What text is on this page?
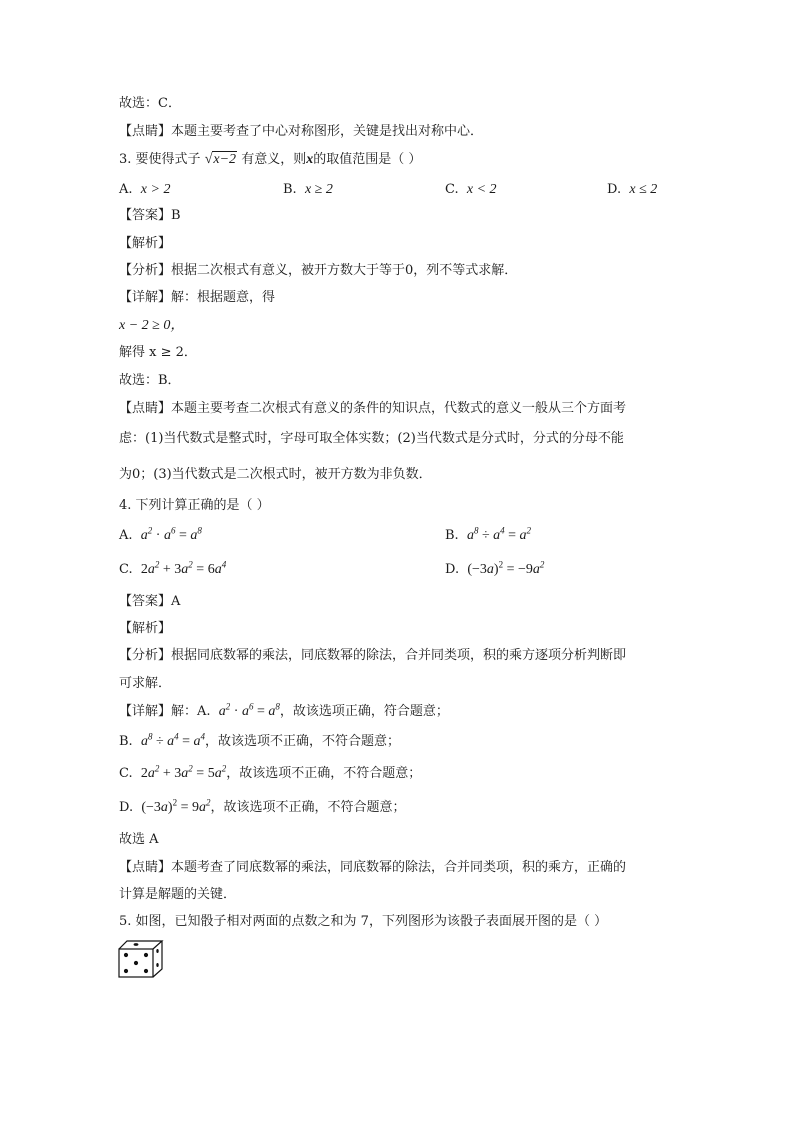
故选：C．
【点睛】本题主要考查了中心对称图形，关键是找出对称中心．
3. 要使得式子 √x−2 有意义，则x的取值范围是（ ）
A. x > 2	B. x ≥ 2	C. x < 2	D. x ≤ 2
【答案】B
【解析】
【分析】根据二次根式有意义，被开方数大于等于0，列不等式求解．
【详解】解：根据题意，得
x − 2 ≥ 0，
解得 x ≥ 2．
故选：B．
【点睛】本题主要考查二次根式有意义的条件的知识点，代数式的意义一般从三个方面考
虑：(1)当代数式是整式时，字母可取全体实数；(2)当代数式是分式时，分式的分母不能
为0；(3)当代数式是二次根式时，被开方数为非负数．
4. 下列计算正确的是（ ）
A. $a^2 \cdot a^6 = a^8$	B. $a^8 \div a^4 = a^2$
C. $2a^2 + 3a^2 = 6a^4$	D. $(-3a)^2 = -9a^2$
【答案】A
【解析】
【分析】根据同底数幂的乘法，同底数幂的除法，合并同类项，积的乘方逐项分析判断即
可求解．
【详解】解：A. $a^2 \cdot a^6 = a^8$，故该选项正确，符合题意；
B. $a^8 \div a^4 = a^4$，故该选项不正确，不符合题意；
C. $2a^2 + 3a^2 = 5a^2$，故该选项不正确，不符合题意；
D. $(-3a)^2 = 9a^2$，故该选项不正确，不符合题意；
故选 A
【点睛】本题考查了同底数幂的乘法，同底数幂的除法，合并同类项，积的乘方，正确的
计算是解题的关键．
5. 如图，已知骰子相对两面的点数之和为 7，下列图形为该骰子表面展开图的是（ ）
